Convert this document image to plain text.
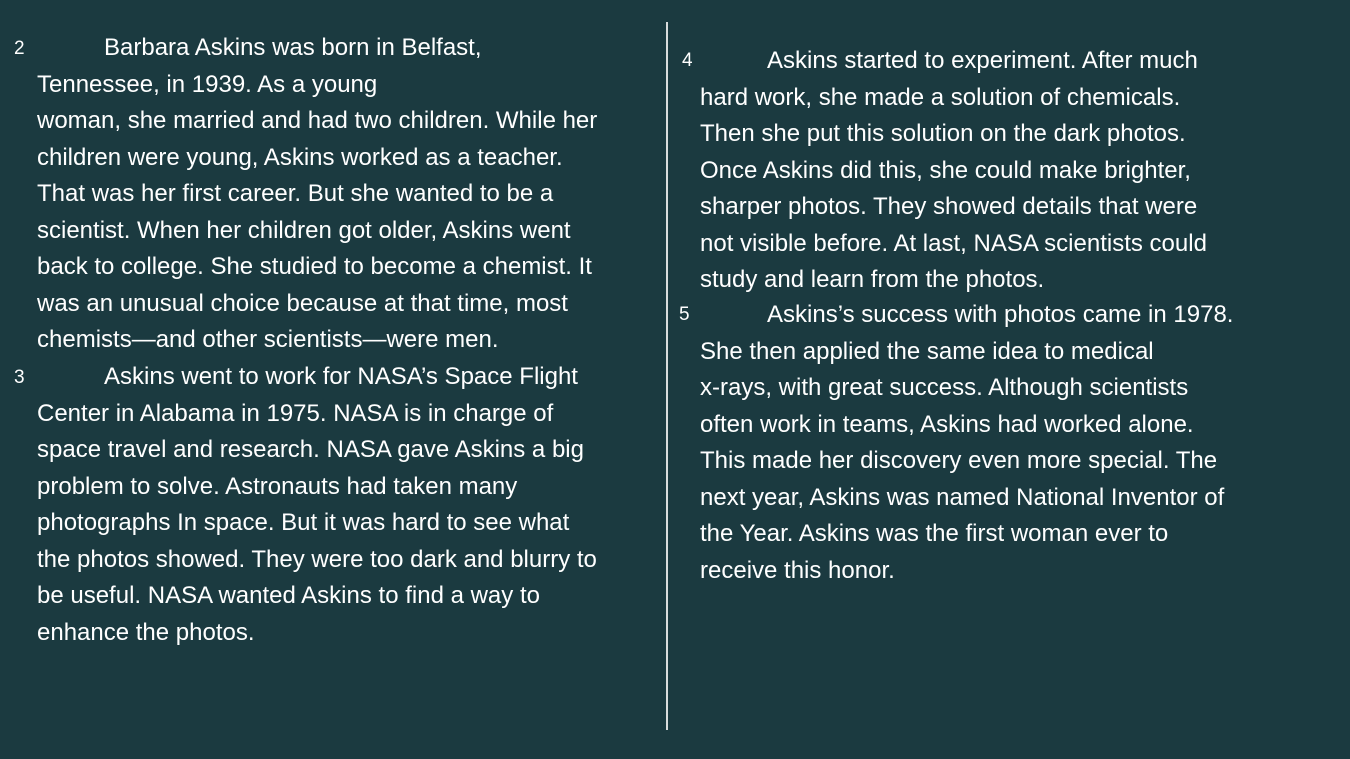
2	Barbara Askins was born in Belfast,
Tennessee, in 1939. As a young
woman, she married and had two children. While her
children were young, Askins worked as a teacher.
That was her first career. But she wanted to be a
scientist. When her children got older, Askins went
back to college. She studied to become a chemist. It
was an unusual choice because at that time, most
chemists—and other scientists—were men.
3	Askins went to work for NASA’s Space Flight
Center in Alabama in 1975. NASA is in charge of
space travel and research. NASA gave Askins a big
problem to solve. Astronauts had taken many
photographs In space. But it was hard to see what
the photos showed. They were too dark and blurry to
be useful. NASA wanted Askins to find a way to
enhance the photos.
4	Askins started to experiment. After much
hard work, she made a solution of chemicals.
Then she put this solution on the dark photos.
Once Askins did this, she could make brighter,
sharper photos. They showed details that were
not visible before. At last, NASA scientists could
study and learn from the photos.
5	Askins’s success with photos came in 1978.
She then applied the same idea to medical
x-rays, with great success. Although scientists
often work in teams, Askins had worked alone.
This made her discovery even more special. The
next year, Askins was named National Inventor of
the Year. Askins was the first woman ever to
receive this honor.
